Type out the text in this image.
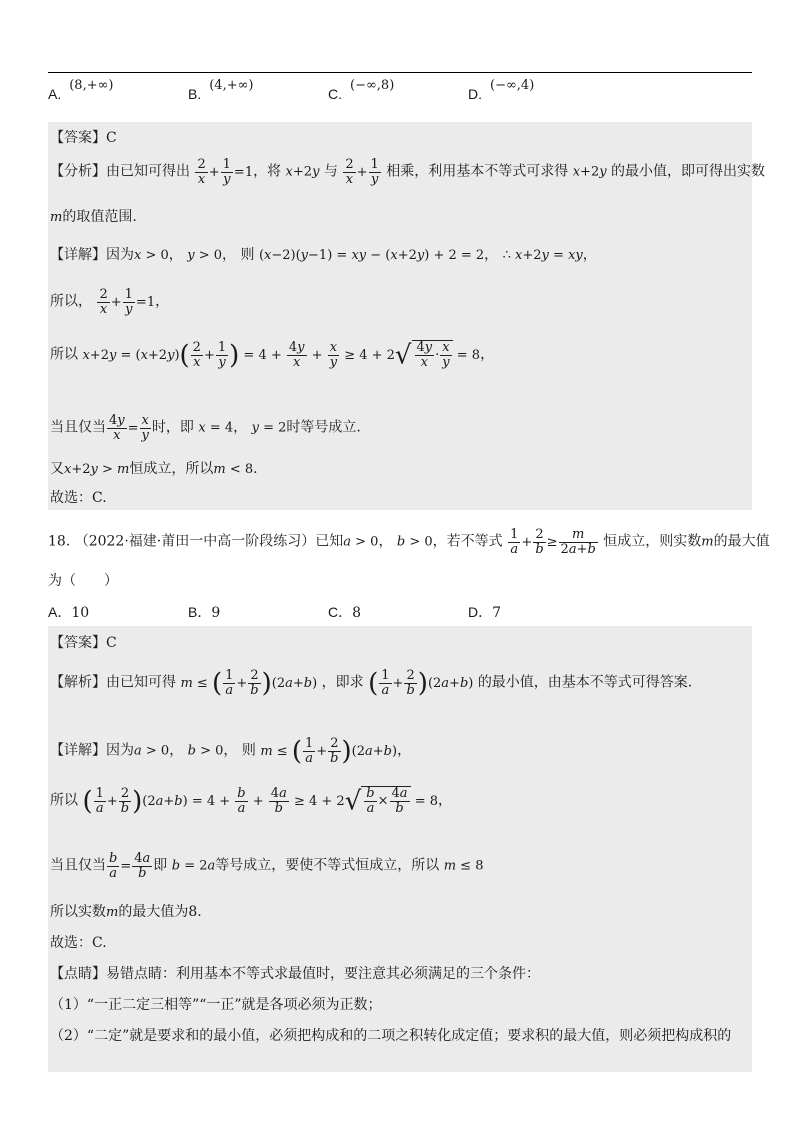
A.(8,+∞)
B.(4,+∞)
C.(−∞,8)
D.(−∞,4)
【答案】C
【分析】由已知可得出 $\frac{2}{x} + \frac{1}{y} =1$，将 x+2y 与 $\frac{2}{x} + \frac{1}{y}$ 相乘，利用基本不等式可求得 x+2y 的最小值，即可得出实数
m的取值范围.
【详解】因为x > 0， y > 0， 则 (x−2)(y−1) = xy − (x+2y) + 2 = 2， ∴ x+2y = xy，
所以， $\frac{2}{x} + \frac{1}{y} =1$，
所以 $x+2y = (x+2y)( \frac{2}{x} + \frac{1}{y}$ ) = $4 + \frac{4y}{x} + \frac{x}{y} \ge 4 + 2√ \frac{4y}{x} \cdot \frac{x}{y} = 8$，
当且仅当 $\frac{4y}{x} = \frac{x}{y}$ 时，即 x = 4， y = 2时等号成立.
又x+2y > m恒成立，所以m < 8.
故选：C.
18. （2022·福建·莆田一中高一阶段练习）已知a > 0， b > 0，若不等式 $\frac{1}{a} + \frac{2}{b} \ge \frac{m}{2a+b}$ 恒成立，则实数m的最大值
为（　　）
A．10	B．9	C．8	D．7
【答案】C
【解析】由已知可得 m ≤ ( $\frac{1}{a} + \frac{2}{b} )(2a+b)$ ，即求 ( $\frac{1}{a} + \frac{2}{b} )(2a+b)$ 的最小值，由基本不等式可得答案.
【详解】因为a > 0， b > 0， 则 m ≤ ( $\frac{1}{a} + \frac{2}{b} )(2a+b)$，
所以 ( $\frac{1}{a} + \frac{2}{b} )(2a+b) = 4 + \frac{b}{a} + \frac{4a}{b} \ge 4 + 2√ \frac{b}{a} \times \frac{4a}{b} = 8$，
当且仅当 $\frac{b}{a} = \frac{4a}{b}$ 即 b = 2a等号成立，要使不等式恒成立，所以 m ≤ 8
所以实数m的最大值为8.
故选：C.
【点睛】易错点睛：利用基本不等式求最值时，要注意其必须满足的三个条件：
（1）“一正二定三相等”“一正”就是各项必须为正数；
（2）“二定”就是要求和的最小值，必须把构成和的二项之积转化成定值；要求积的最大值，则必须把构成积的
